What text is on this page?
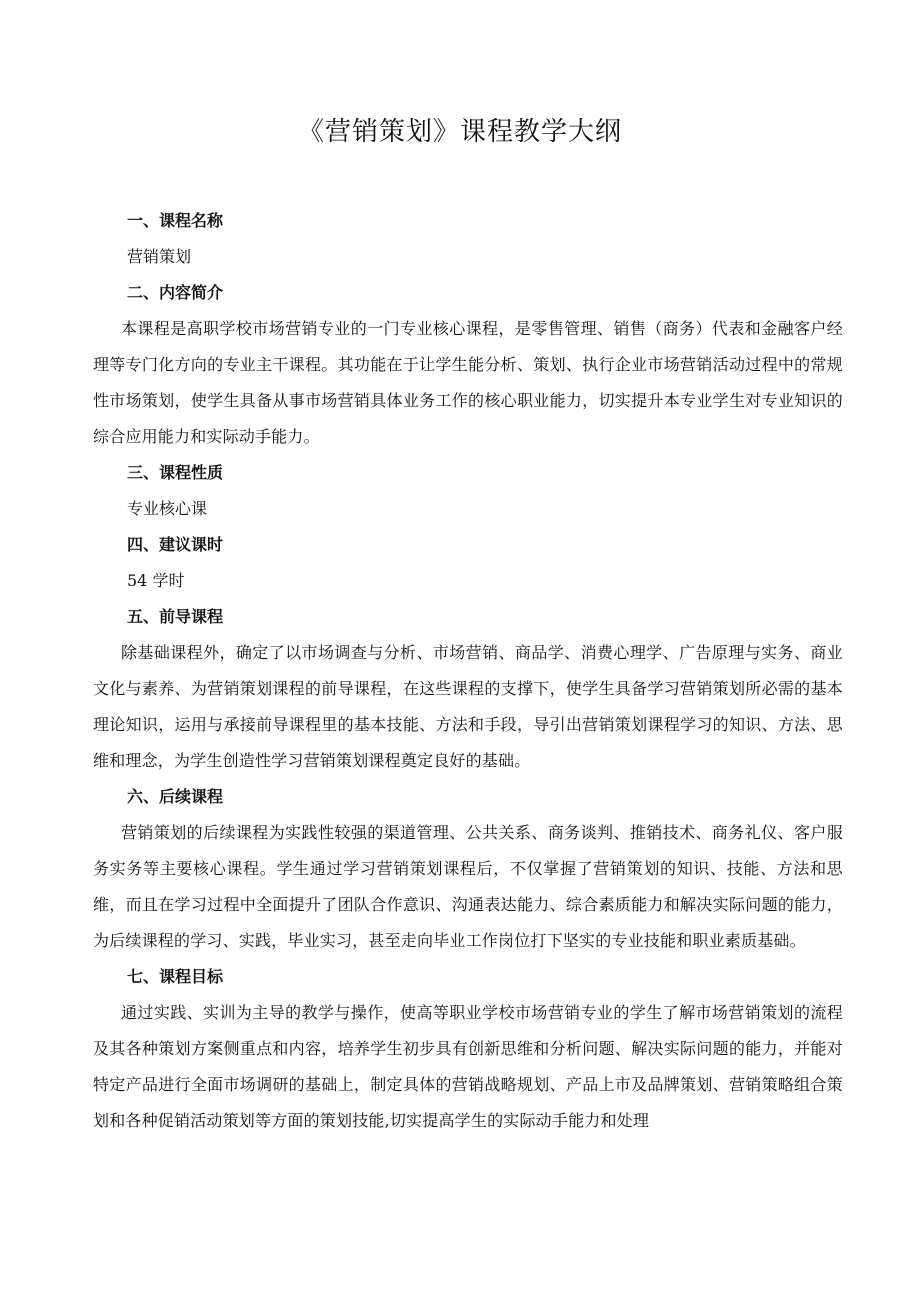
《营销策划》课程教学大纲

一、课程名称

营销策划

二、内容简介

本课程是高职学校市场营销专业的一门专业核心课程，是零售管理、销售（商务）代表和金融客户经理等专门化方向的专业主干课程。其功能在于让学生能分析、策划、执行企业市场营销活动过程中的常规性市场策划，使学生具备从事市场营销具体业务工作的核心职业能力，切实提升本专业学生对专业知识的综合应用能力和实际动手能力。

三、课程性质

专业核心课

四、建议课时

54 学时

五、前导课程

除基础课程外，确定了以市场调查与分析、市场营销、商品学、消费心理学、广告原理与实务、商业文化与素养、为营销策划课程的前导课程，在这些课程的支撑下，使学生具备学习营销策划所必需的基本理论知识，运用与承接前导课程里的基本技能、方法和手段，导引出营销策划课程学习的知识、方法、思维和理念，为学生创造性学习营销策划课程奠定良好的基础。

六、后续课程

营销策划的后续课程为实践性较强的渠道管理、公共关系、商务谈判、推销技术、商务礼仪、客户服务实务等主要核心课程。学生通过学习营销策划课程后，不仅掌握了营销策划的知识、技能、方法和思维，而且在学习过程中全面提升了团队合作意识、沟通表达能力、综合素质能力和解决实际问题的能力，为后续课程的学习、实践，毕业实习，甚至走向毕业工作岗位打下坚实的专业技能和职业素质基础。

七、课程目标

通过实践、实训为主导的教学与操作，使高等职业学校市场营销专业的学生了解市场营销策划的流程及其各种策划方案侧重点和内容，培养学生初步具有创新思维和分析问题、解决实际问题的能力，并能对特定产品进行全面市场调研的基础上，制定具体的营销战略规划、产品上市及品牌策划、营销策略组合策划和各种促销活动策划等方面的策划技能,切实提高学生的实际动手能力和处理
